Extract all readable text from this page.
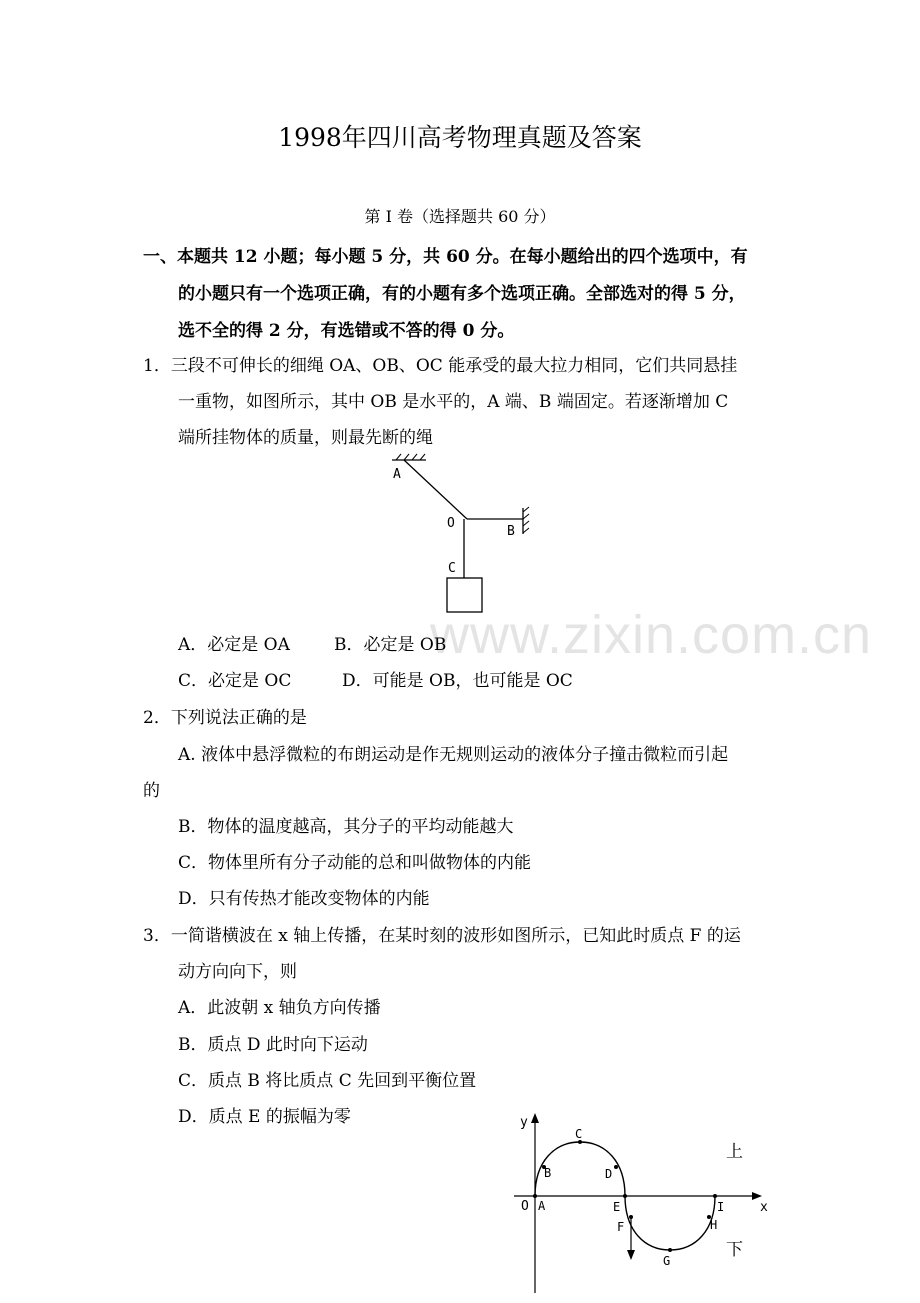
www.zixin.com.cn
1998年四川高考物理真题及答案
第 I 卷（选择题共 60 分）
一、本题共 12 小题；每小题 5 分，共 60 分。在每小题给出的四个选项中，有
的小题只有一个选项正确，有的小题有多个选项正确。全部选对的得 5 分，
选不全的得 2 分，有选错或不答的得 0 分。
1．三段不可伸长的细绳 OA、OB、OC 能承受的最大拉力相同，它们共同悬挂
一重物，如图所示，其中 OB 是水平的，A 端、B 端固定。若逐渐增加 C
端所挂物体的质量，则最先断的绳
A
B
O
C
A．必定是 OA	B．必定是 OB
C．必定是 OC	D．可能是 OB，也可能是 OC
2．下列说法正确的是
A. 液体中悬浮微粒的布朗运动是作无规则运动的液体分子撞击微粒而引起
的
B．物体的温度越高，其分子的平均动能越大
C．物体里所有分子动能的总和叫做物体的内能
D．只有传热才能改变物体的内能
3．一简谐横波在 x 轴上传播，在某时刻的波形如图所示，已知此时质点 F 的运
动方向向下，则
A．此波朝 x 轴负方向传播
B．质点 D 此时向下运动
C．质点 B 将比质点 C 先回到平衡位置
D．质点 E 的振幅为零	y
x
O A
B
C
D
E
F
G
H
I
上
下
